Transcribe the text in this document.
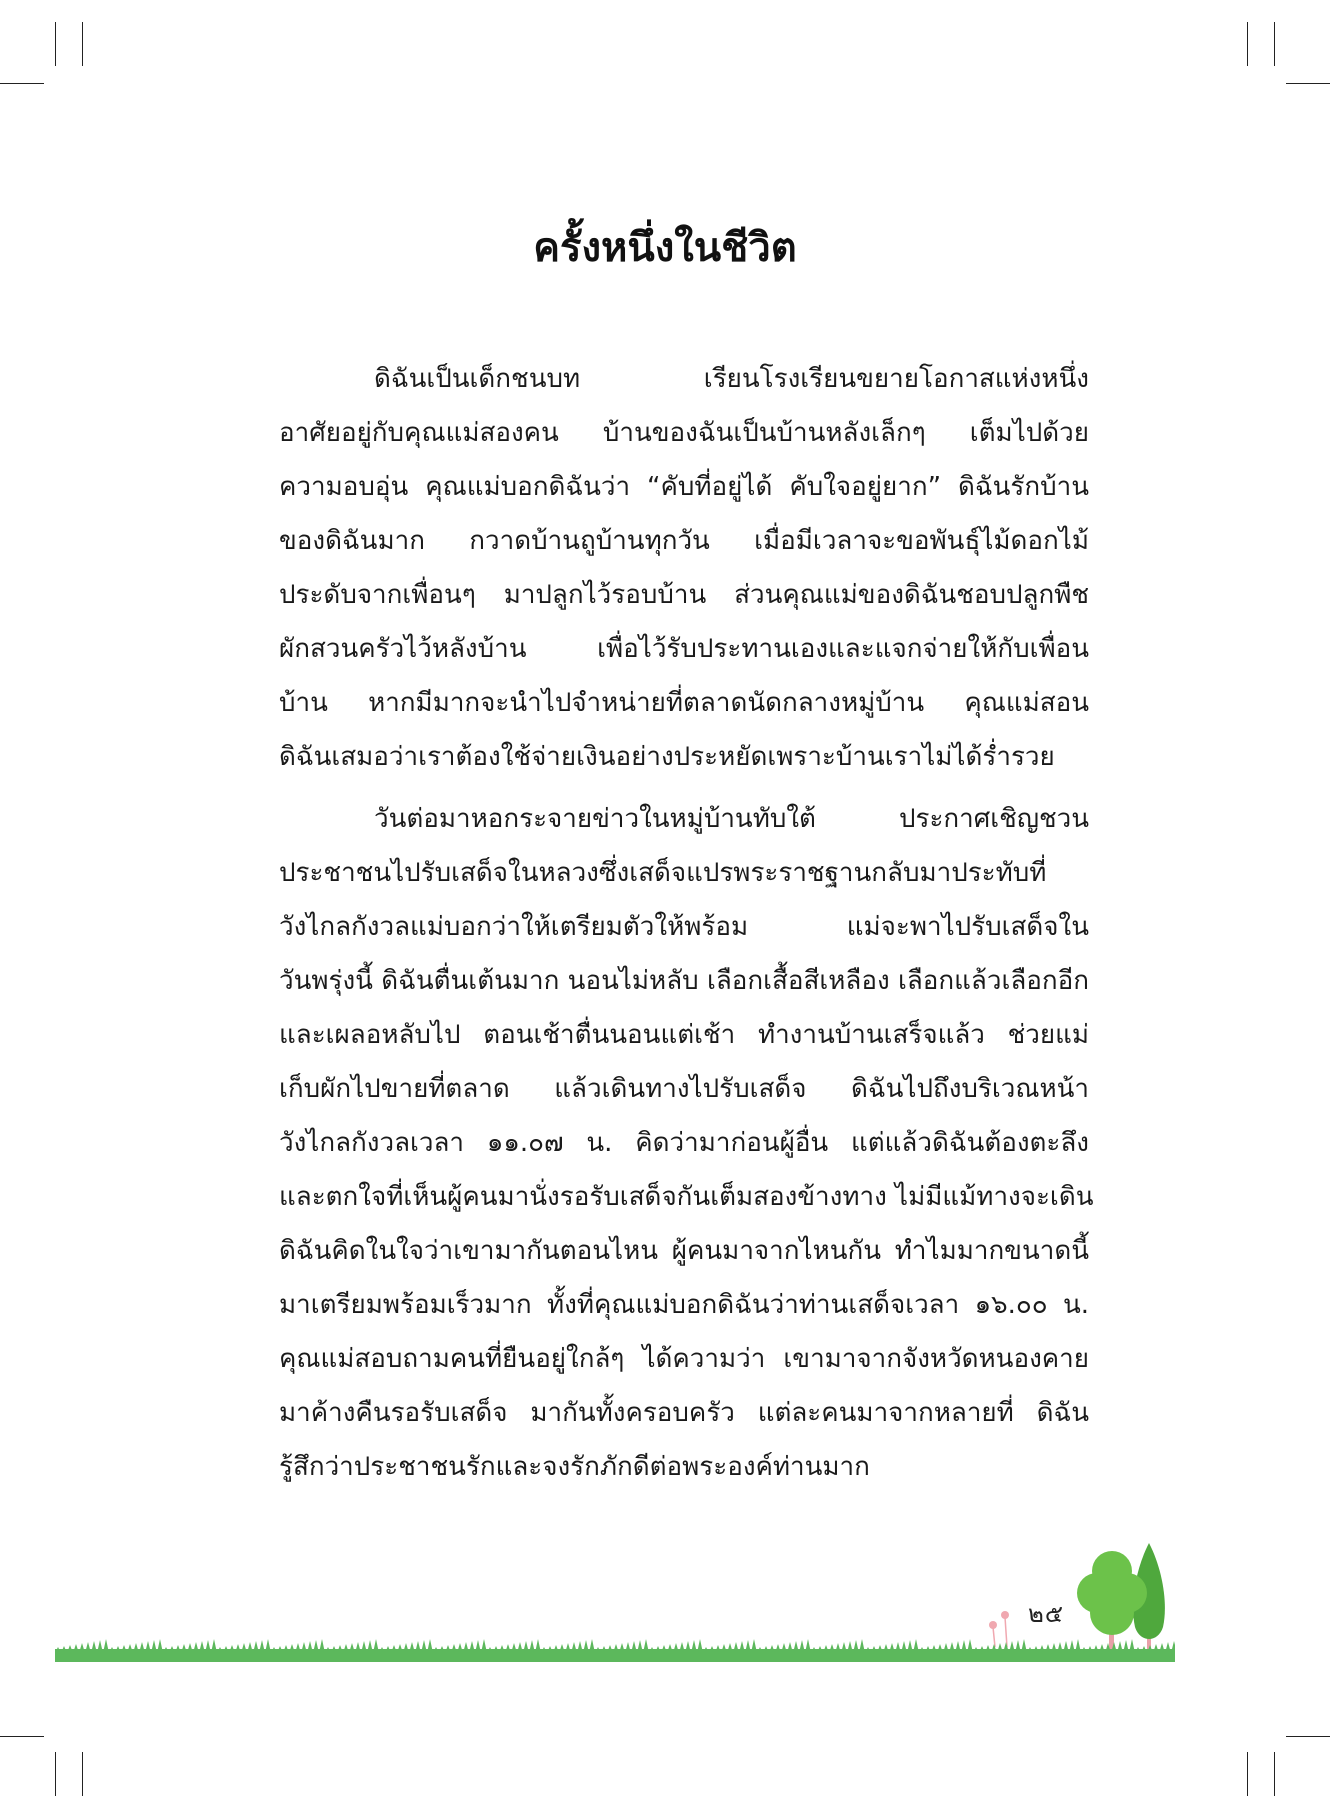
ครั้งหนึ่งในชีวิต

ดิฉันเป็นเด็กชนบท เรียนโรงเรียนขยายโอกาสแห่งหนึ่ง
อาศัยอยู่กับคุณแม่สองคน บ้านของฉันเป็นบ้านหลังเล็กๆ เต็มไปด้วย
ความอบอุ่น คุณแม่บอกดิฉันว่า “คับที่อยู่ได้ คับใจอยู่ยาก” ดิฉันรักบ้าน
ของดิฉันมาก กวาดบ้านถูบ้านทุกวัน เมื่อมีเวลาจะขอพันธุ์ไม้ดอกไม้
ประดับจากเพื่อนๆ มาปลูกไว้รอบบ้าน ส่วนคุณแม่ของดิฉันชอบปลูกพืช
ผักสวนครัวไว้หลังบ้าน เพื่อไว้รับประทานเองและแจกจ่ายให้กับเพื่อน
บ้าน หากมีมากจะนำไปจำหน่ายที่ตลาดนัดกลางหมู่บ้าน คุณแม่สอน
ดิฉันเสมอว่าเราต้องใช้จ่ายเงินอย่างประหยัดเพราะบ้านเราไม่ได้ร่ำรวย

วันต่อมาหอกระจายข่าวในหมู่บ้านทับใต้ ประกาศเชิญชวน
ประชาชนไปรับเสด็จในหลวงซึ่งเสด็จแปรพระราชฐานกลับมาประทับที่
วังไกลกังวลแม่บอกว่าให้เตรียมตัวให้พร้อม แม่จะพาไปรับเสด็จใน
วันพรุ่งนี้ ดิฉันตื่นเต้นมาก นอนไม่หลับ เลือกเสื้อสีเหลือง เลือกแล้วเลือกอีก
และเผลอหลับไป ตอนเช้าตื่นนอนแต่เช้า ทำงานบ้านเสร็จแล้ว ช่วยแม่
เก็บผักไปขายที่ตลาด แล้วเดินทางไปรับเสด็จ ดิฉันไปถึงบริเวณหน้า
วังไกลกังวลเวลา ๑๑.๐๗ น. คิดว่ามาก่อนผู้อื่น แต่แล้วดิฉันต้องตะลึง
และตกใจที่เห็นผู้คนมานั่งรอรับเสด็จกันเต็มสองข้างทาง ไม่มีแม้ทางจะเดิน
ดิฉันคิดในใจว่าเขามากันตอนไหน ผู้คนมาจากไหนกัน ทำไมมากขนาดนี้
มาเตรียมพร้อมเร็วมาก ทั้งที่คุณแม่บอกดิฉันว่าท่านเสด็จเวลา ๑๖.๐๐ น.
คุณแม่สอบถามคนที่ยืนอยู่ใกล้ๆ ได้ความว่า เขามาจากจังหวัดหนองคาย
มาค้างคืนรอรับเสด็จ มากันทั้งครอบครัว แต่ละคนมาจากหลายที่ ดิฉัน
รู้สึกว่าประชาชนรักและจงรักภักดีต่อพระองค์ท่านมาก

๒๕
